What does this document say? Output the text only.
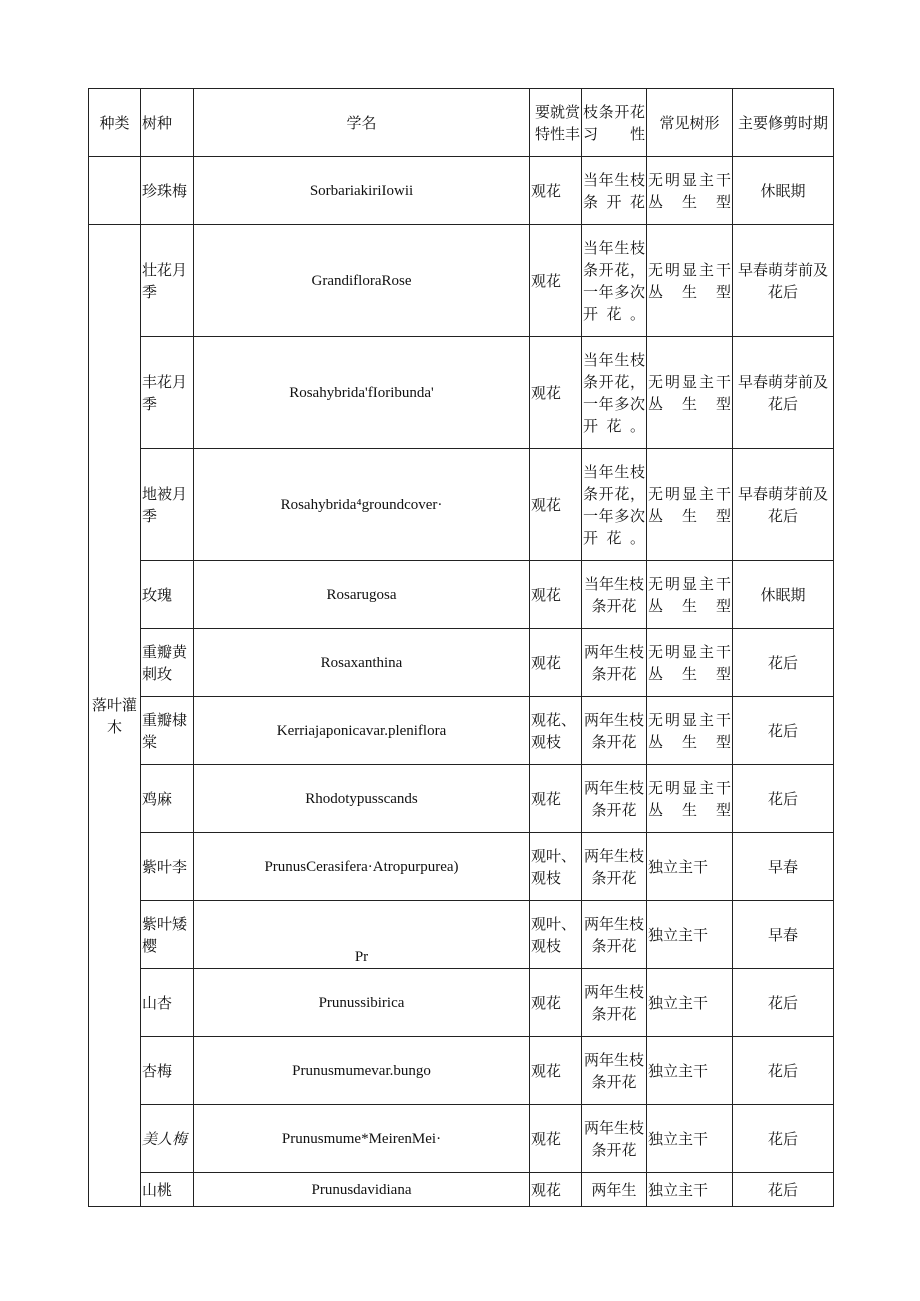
种类	树种	学名	要就赏特性丰	枝条开花习性	常见树形	主要修剪时期
	珍珠梅	SorbariakiriIowii	观花	当年生枝条开花	无明显主干丛生型	休眠期
落叶灌木	壮花月季	GrandifloraRose	观花	当年生枝条开花，一年多次开花。	无明显主干丛生型	早春萌芽前及花后
	丰花月季	Rosahybrida'fIoribunda'	观花	当年生枝条开花，一年多次开花。	无明显主干丛生型	早春萌芽前及花后
	地被月季	Rosahybrida⁴groundcover·	观花	当年生枝条开花，一年多次开花。	无明显主干丛生型	早春萌芽前及花后
	玫瑰	Rosarugosa	观花	当年生枝条开花	无明显主干丛生型	休眠期
	重瓣黄刺玫	Rosaxanthina	观花	两年生枝条开花	无明显主干丛生型	花后
	重瓣棣棠	Kerriajaponicavar.pleniflora	观花、观枝	两年生枝条开花	无明显主干丛生型	花后
	鸡麻	Rhodotypusscands	观花	两年生枝条开花	无明显主干丛生型	花后
	紫叶李	PrunusCerasifera·Atropurpurea)	观叶、观枝	两年生枝条开花	独立主干	早春
	紫叶矮樱	Pr	观叶、观枝	两年生枝条开花	独立主干	早春
	山杏	Prunussibirica	观花	两年生枝条开花	独立主干	花后
	杏梅	Prunusmumevar.bungo	观花	两年生枝条开花	独立主干	花后
	美人梅	Prunusmume*MeirenMei·	观花	两年生枝条开花	独立主干	花后
	山桃	Prunusdavidiana	观花	两年生	独立主干	花后
